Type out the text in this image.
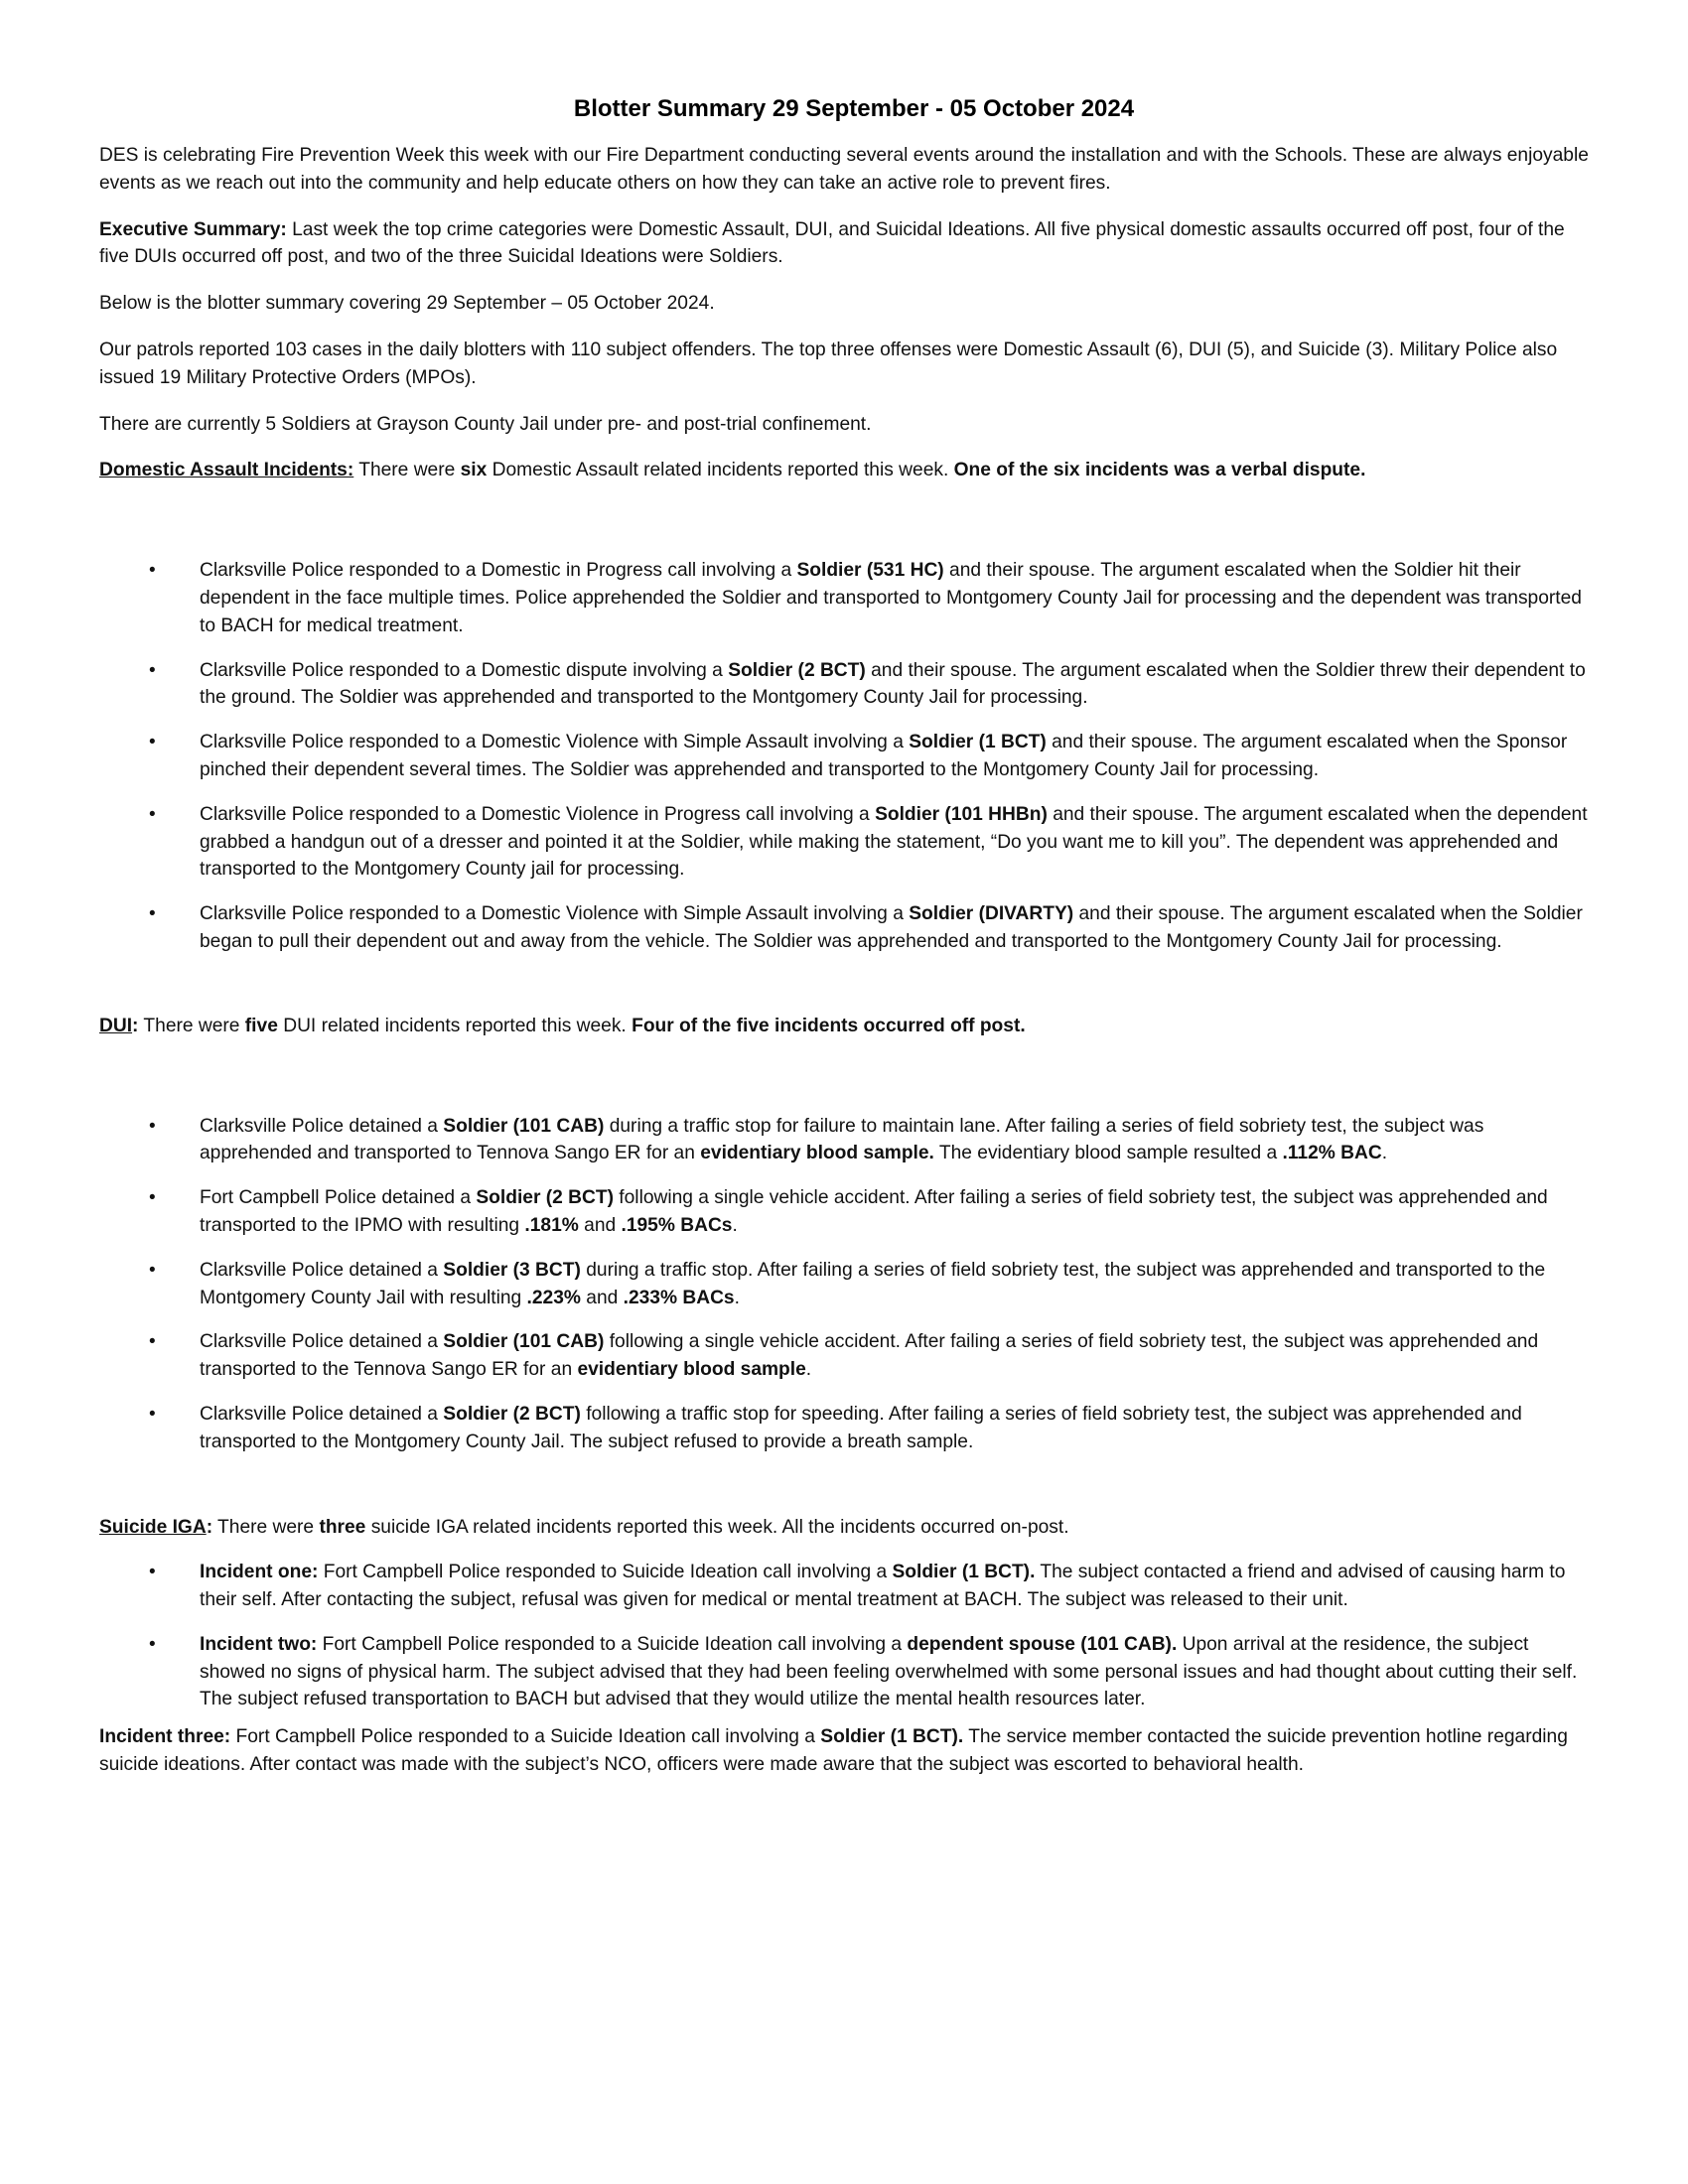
Blotter Summary 29 September - 05 October 2024

DES is celebrating Fire Prevention Week this week with our Fire Department conducting several events around the installation and with the Schools. These are always enjoyable events as we reach out into the community and help educate others on how they can take an active role to prevent fires.

Executive Summary: Last week the top crime categories were Domestic Assault, DUI, and Suicidal Ideations. All five physical domestic assaults occurred off post, four of the five DUIs occurred off post, and two of the three Suicidal Ideations were Soldiers.

Below is the blotter summary covering 29 September – 05 October 2024.

Our patrols reported 103 cases in the daily blotters with 110 subject offenders. The top three offenses were Domestic Assault (6), DUI (5), and Suicide (3). Military Police also issued 19 Military Protective Orders (MPOs).

There are currently 5 Soldiers at Grayson County Jail under pre- and post-trial confinement.

Domestic Assault Incidents: There were six Domestic Assault related incidents reported this week. One of the six incidents was a verbal dispute.

• Clarksville Police responded to a Domestic in Progress call involving a Soldier (531 HC) and their spouse. The argument escalated when the Soldier hit their dependent in the face multiple times. Police apprehended the Soldier and transported to Montgomery County Jail for processing and the dependent was transported to BACH for medical treatment.
• Clarksville Police responded to a Domestic dispute involving a Soldier (2 BCT) and their spouse. The argument escalated when the Soldier threw their dependent to the ground. The Soldier was apprehended and transported to the Montgomery County Jail for processing.
• Clarksville Police responded to a Domestic Violence with Simple Assault involving a Soldier (1 BCT) and their spouse. The argument escalated when the Sponsor pinched their dependent several times. The Soldier was apprehended and transported to the Montgomery County Jail for processing.
• Clarksville Police responded to a Domestic Violence in Progress call involving a Soldier (101 HHBn) and their spouse. The argument escalated when the dependent grabbed a handgun out of a dresser and pointed it at the Soldier, while making the statement, “Do you want me to kill you”. The dependent was apprehended and transported to the Montgomery County jail for processing.
• Clarksville Police responded to a Domestic Violence with Simple Assault involving a Soldier (DIVARTY) and their spouse. The argument escalated when the Soldier began to pull their dependent out and away from the vehicle. The Soldier was apprehended and transported to the Montgomery County Jail for processing.

DUI: There were five DUI related incidents reported this week. Four of the five incidents occurred off post.

• Clarksville Police detained a Soldier (101 CAB) during a traffic stop for failure to maintain lane. After failing a series of field sobriety test, the subject was apprehended and transported to Tennova Sango ER for an evidentiary blood sample. The evidentiary blood sample resulted a .112% BAC.
• Fort Campbell Police detained a Soldier (2 BCT) following a single vehicle accident. After failing a series of field sobriety test, the subject was apprehended and transported to the IPMO with resulting .181% and .195% BACs.
• Clarksville Police detained a Soldier (3 BCT) during a traffic stop. After failing a series of field sobriety test, the subject was apprehended and transported to the Montgomery County Jail with resulting .223% and .233% BACs.
• Clarksville Police detained a Soldier (101 CAB) following a single vehicle accident. After failing a series of field sobriety test, the subject was apprehended and transported to the Tennova Sango ER for an evidentiary blood sample.
• Clarksville Police detained a Soldier (2 BCT) following a traffic stop for speeding. After failing a series of field sobriety test, the subject was apprehended and transported to the Montgomery County Jail. The subject refused to provide a breath sample.

Suicide IGA: There were three suicide IGA related incidents reported this week. All the incidents occurred on-post.

• Incident one: Fort Campbell Police responded to Suicide Ideation call involving a Soldier (1 BCT). The subject contacted a friend and advised of causing harm to their self. After contacting the subject, refusal was given for medical or mental treatment at BACH. The subject was released to their unit.
• Incident two: Fort Campbell Police responded to a Suicide Ideation call involving a dependent spouse (101 CAB). Upon arrival at the residence, the subject showed no signs of physical harm. The subject advised that they had been feeling overwhelmed with some personal issues and had thought about cutting their self. The subject refused transportation to BACH but advised that they would utilize the mental health resources later.

Incident three: Fort Campbell Police responded to a Suicide Ideation call involving a Soldier (1 BCT). The service member contacted the suicide prevention hotline regarding suicide ideations. After contact was made with the subject’s NCO, officers were made aware that the subject was escorted to behavioral health.
